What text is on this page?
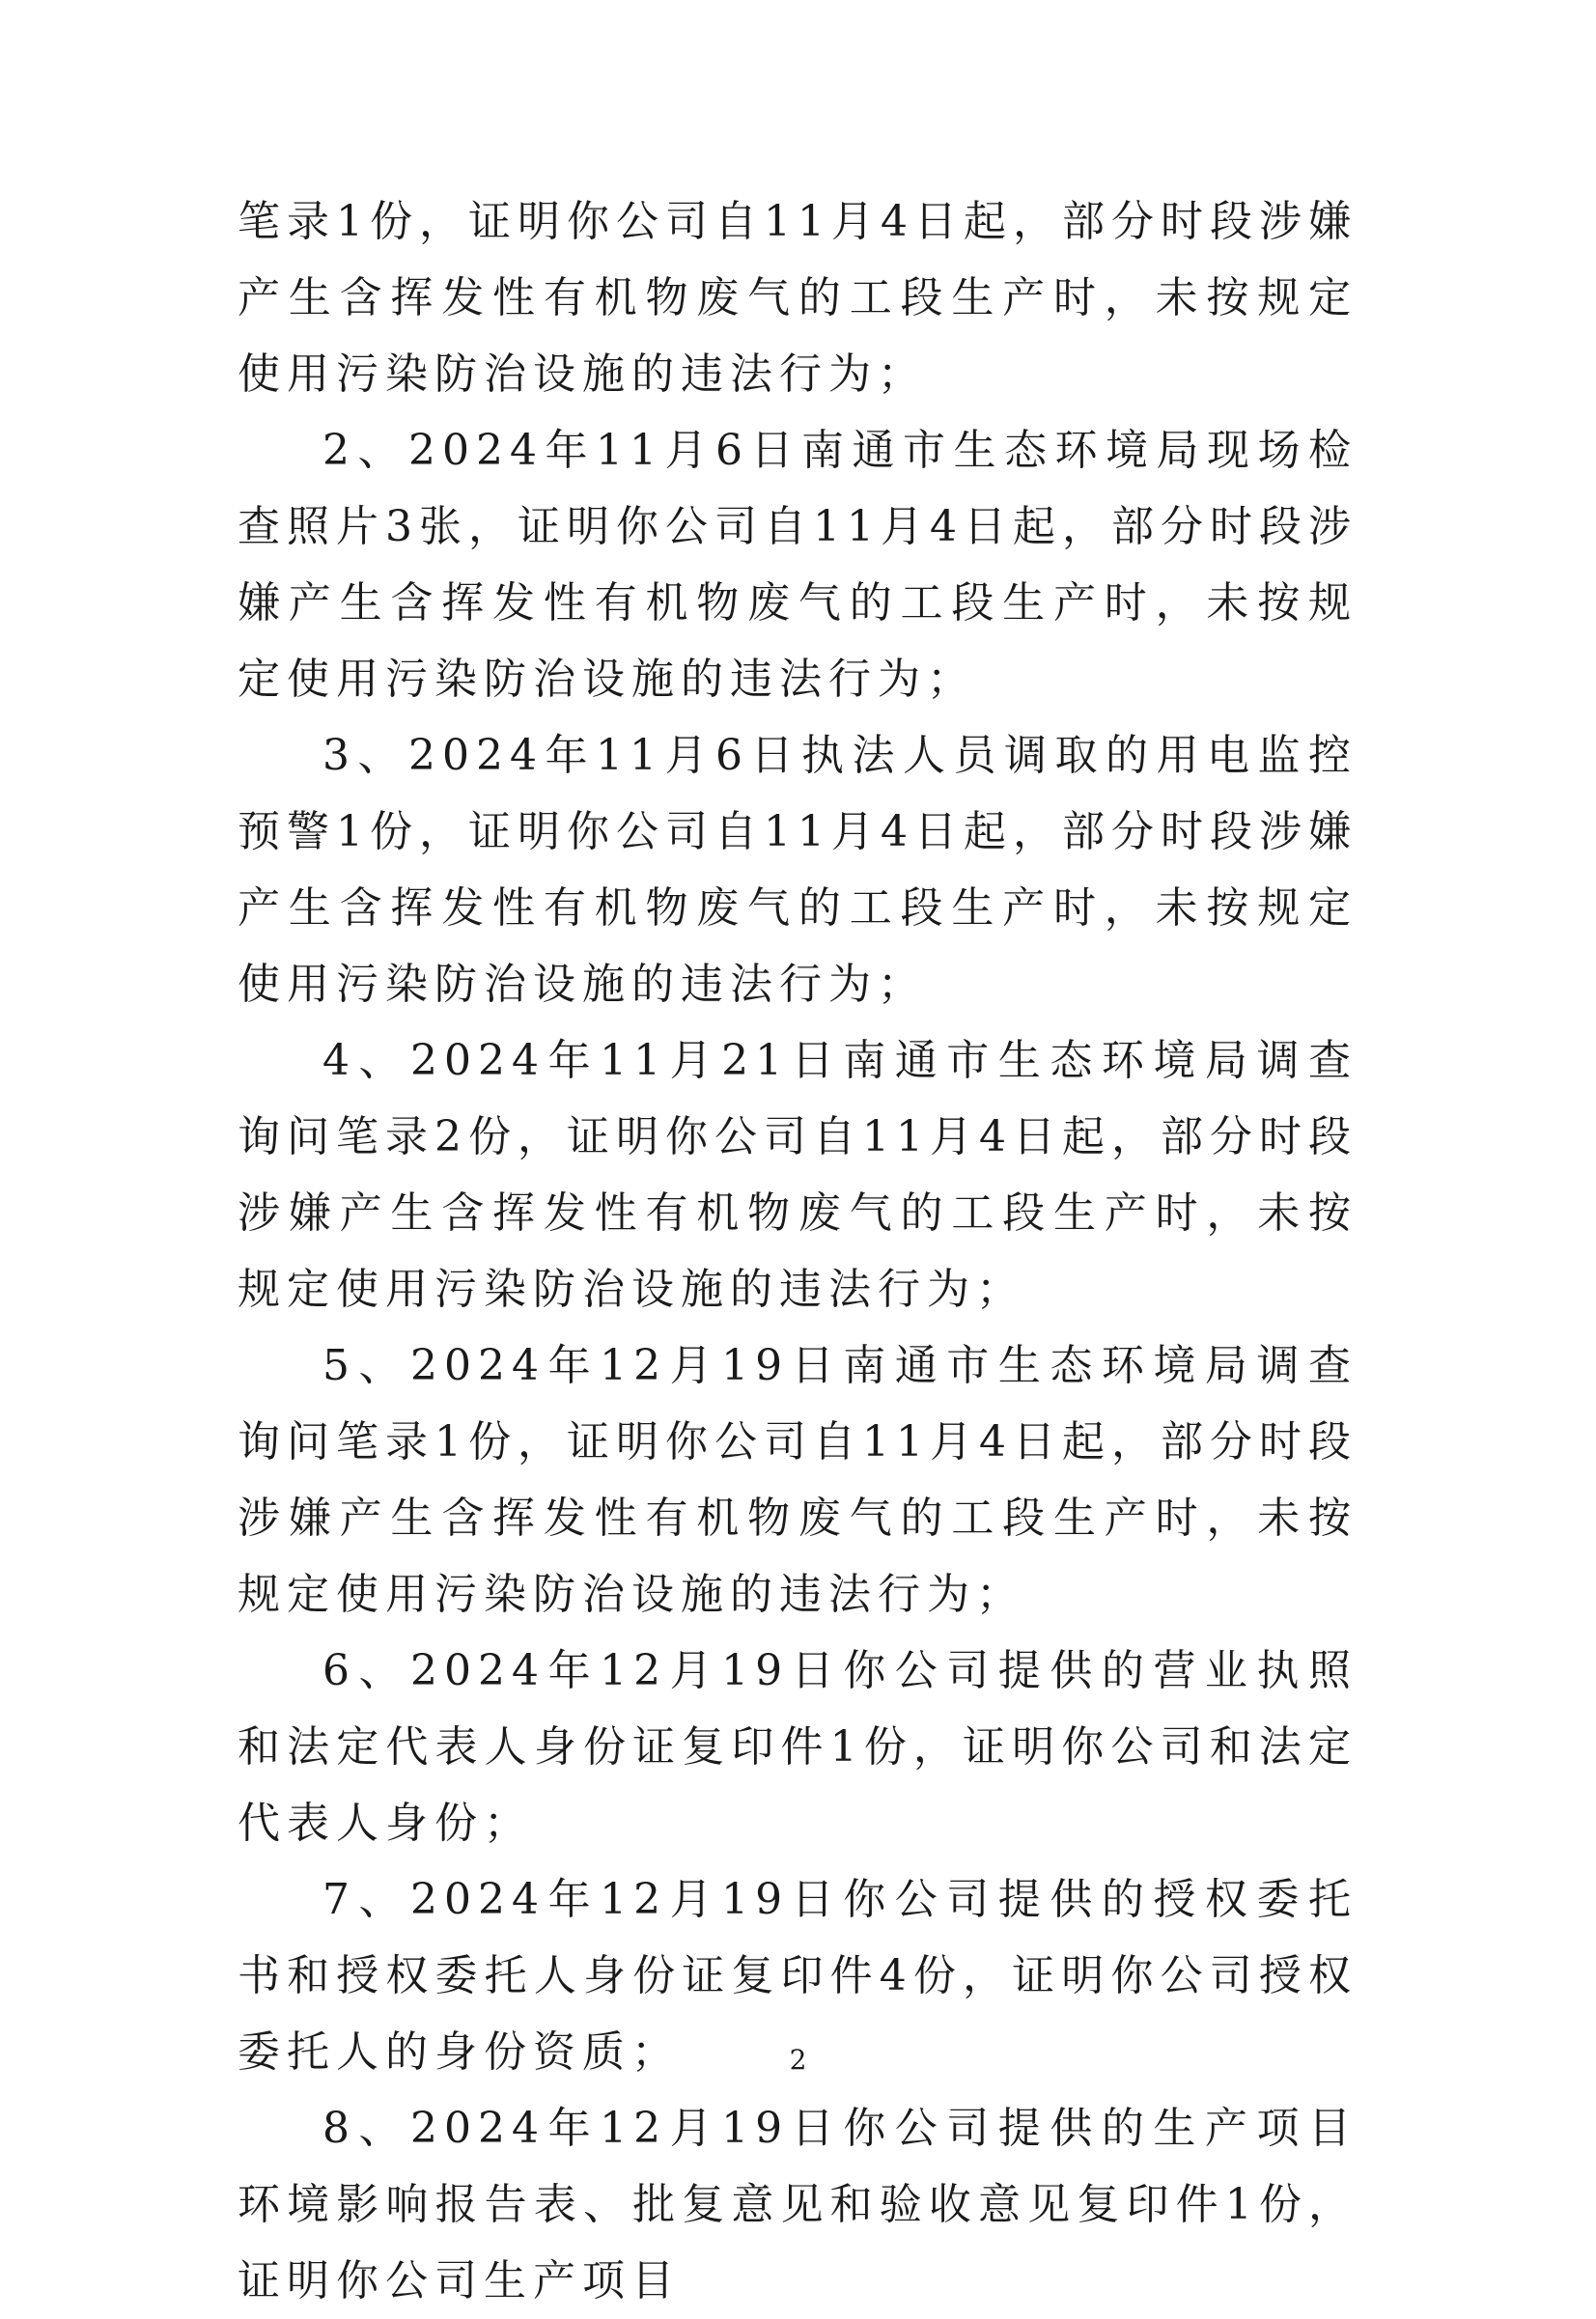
笔录1份，证明你公司自11月4日起，部分时段涉嫌产生含挥发性有机物废气的工段生产时，未按规定使用污染防治设施的违法行为；

2、2024年11月6日南通市生态环境局现场检查照片3张，证明你公司自11月4日起，部分时段涉嫌产生含挥发性有机物废气的工段生产时，未按规定使用污染防治设施的违法行为；

3、2024年11月6日执法人员调取的用电监控预警1份，证明你公司自11月4日起，部分时段涉嫌产生含挥发性有机物废气的工段生产时，未按规定使用污染防治设施的违法行为；

4、2024年11月21日南通市生态环境局调查询问笔录2份，证明你公司自11月4日起，部分时段涉嫌产生含挥发性有机物废气的工段生产时，未按规定使用污染防治设施的违法行为；

5、2024年12月19日南通市生态环境局调查询问笔录1份，证明你公司自11月4日起，部分时段涉嫌产生含挥发性有机物废气的工段生产时，未按规定使用污染防治设施的违法行为；

6、2024年12月19日你公司提供的营业执照和法定代表人身份证复印件1份，证明你公司和法定代表人身份；

7、2024年12月19日你公司提供的授权委托书和授权委托人身份证复印件4份，证明你公司授权委托人的身份资质；

8、2024年12月19日你公司提供的生产项目环境影响报告表、批复意见和验收意见复印件1份，证明你公司生产项目

2
